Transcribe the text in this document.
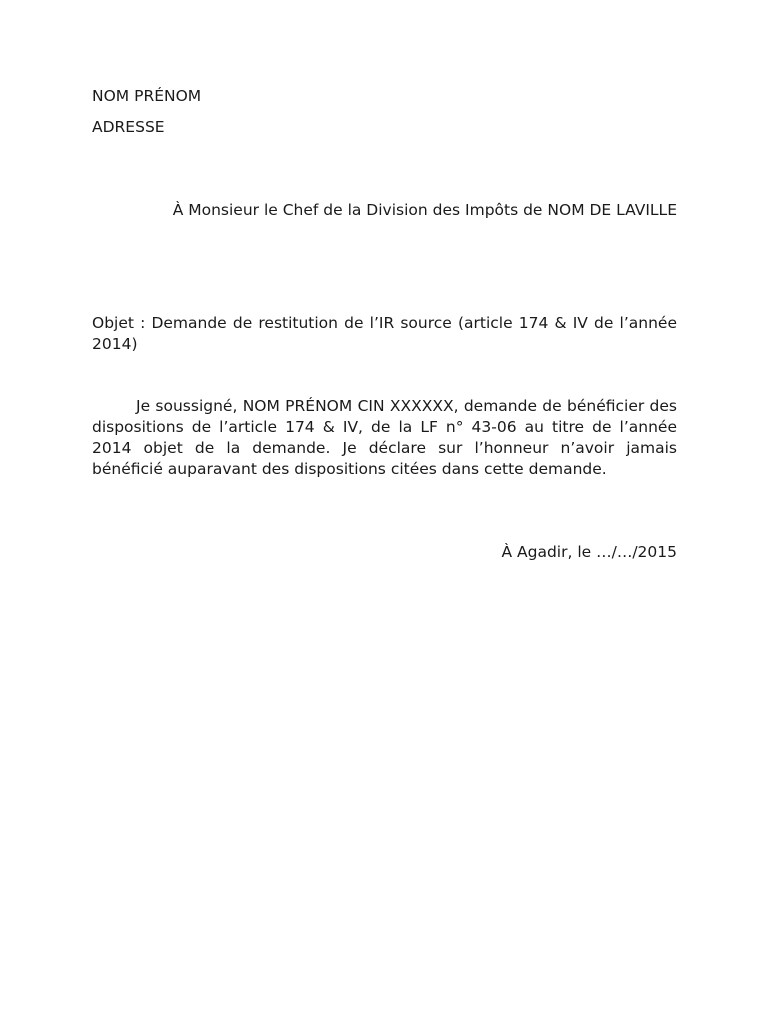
NOM PRÉNOM

ADRESSE

À Monsieur le Chef de la Division des Impôts de NOM DE LAVILLE

Objet : Demande de restitution de l’IR source (article 174 & IV de l’année 2014)

Je soussigné, NOM PRÉNOM CIN XXXXXX, demande de bénéficier des dispositions de l’article 174 & IV, de la LF n° 43-06 au titre de l’année 2014 objet de la demande. Je déclare sur l’honneur n’avoir jamais bénéficié auparavant des dispositions citées dans cette demande.

À Agadir, le …/…/2015
